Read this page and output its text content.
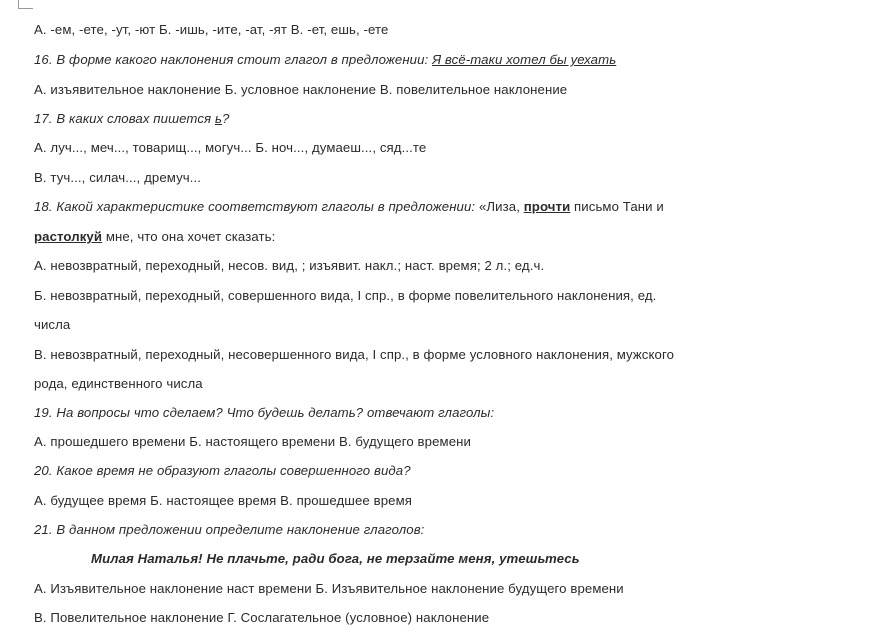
А. -ем, -ете, -ут, -ют Б. -ишь, -ите, -ат, -ят В. -ет, ешь, -ете
16. В форме какого наклонения стоит глагол в предложении: Я всё-таки хотел бы уехать
А. изъявительное наклонение Б. условное наклонение В. повелительное наклонение
17. В каких словах пишется ь?
А. луч..., меч..., товарищ..., могуч... Б. ноч..., думаеш..., сяд...те
В. туч..., силач..., дремуч...
18. Какой характеристике соответствуют глаголы в предложении: «Лиза, прочти письмо Тани и
растолкуй мне, что она хочет сказать:
А. невозвратный, переходный, несов. вид, ; изъявит. накл.; наст. время; 2 л.; ед.ч.
Б. невозвратный, переходный, совершенного вида, I спр., в форме повелительного наклонения, ед.
числа
В. невозвратный, переходный, несовершенного вида, I спр., в форме условного наклонения, мужского
рода, единственного числа
19. На вопросы что сделаем? Что будешь делать? отвечают глаголы:
А. прошедшего времени Б. настоящего времени В. будущего времени
20. Какое время не образуют глаголы совершенного вида?
А. будущее время Б. настоящее время В. прошедшее время
21. В данном предложении определите наклонение глаголов:
Милая Наталья! Не плачьте, ради бога, не терзайте меня, утешьтесь
А. Изъявительное наклонение наст времени Б. Изъявительное наклонение будущего времени
В. Повелительное наклонение Г. Сослагательное (условное) наклонение
